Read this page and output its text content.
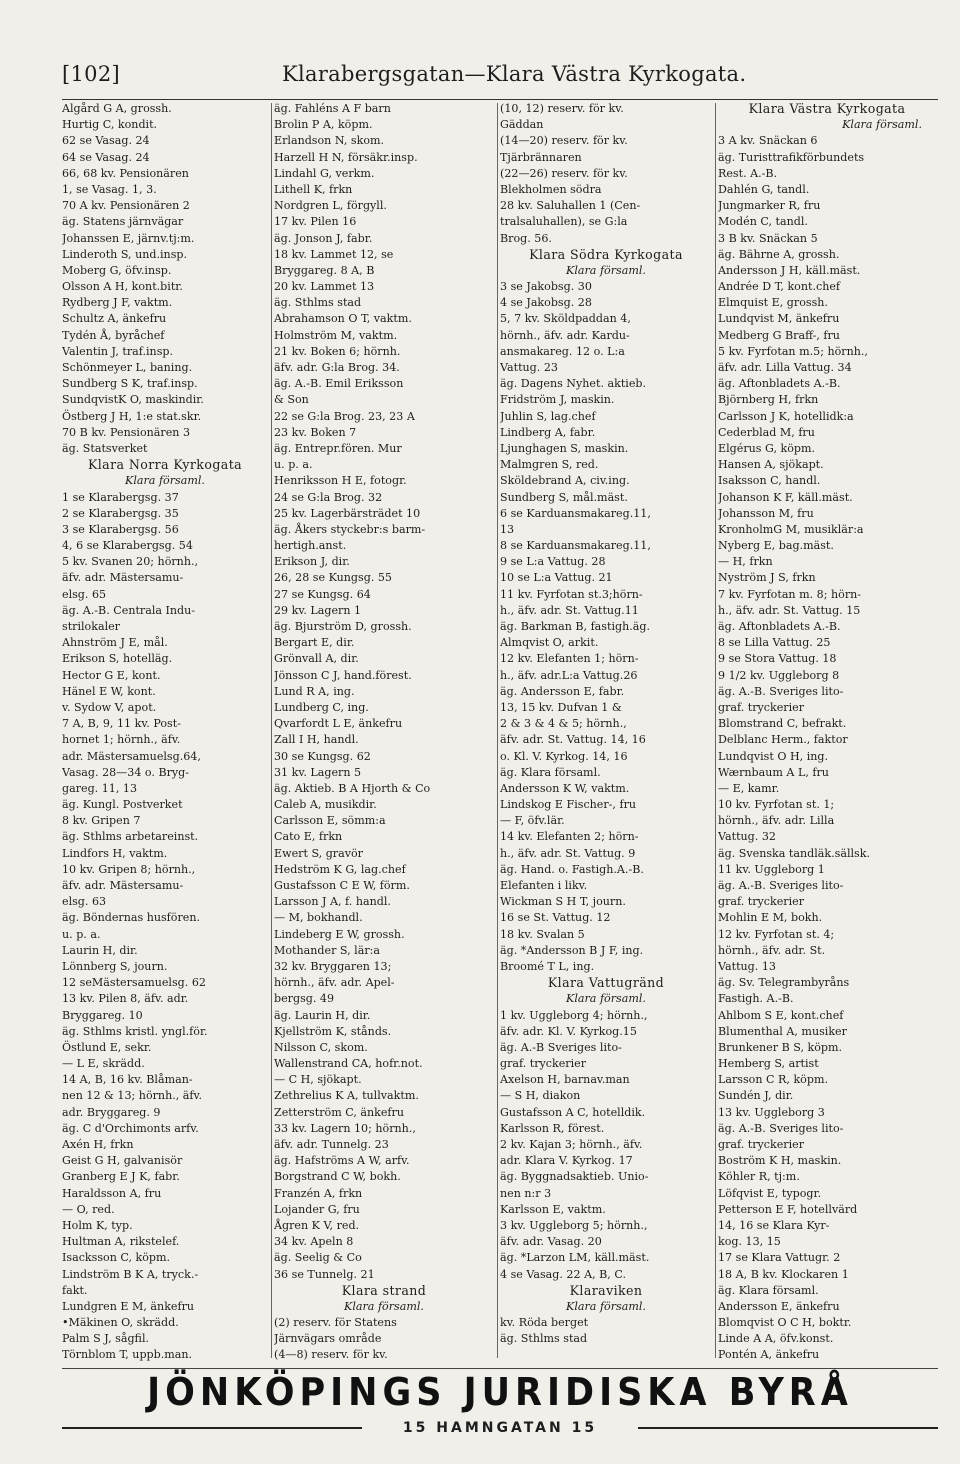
[102]	Klarabergsgatan—Klara Västra Kyrkogata.
Algård G A, grossh.
Hurtig C, kondit.
62 se Vasag. 24
64 se Vasag. 24
66, 68 kv. Pensionären
1, se Vasag. 1, 3.
70 A kv. Pensionären 2
äg. Statens järnvägar
Johanssen E, järnv.tj:m.
Linderoth S, und.insp.
Moberg G, öfv.insp.
Olsson A H, kont.bitr.
Rydberg J F, vaktm.
Schultz A, änkefru
Tydén Å, byråchef
Valentin J, traf.insp.
Schönmeyer L, baning.
Sundberg S K, traf.insp.
SundqvistK O, maskindir.
Östberg J H, 1:e stat.skr.
70 B kv. Pensionären 3
äg. Statsverket
Klara Norra Kyrkogata
Klara församl.
1 se Klarabergsg. 37
2 se Klarabergsg. 35
3 se Klarabergsg. 56
4, 6 se Klarabergsg. 54
5 kv. Svanen 20; hörnh.,
äfv. adr. Mästersamu-
elsg. 65
äg. A.-B. Centrala Indu-
strilokaler
Ahnström J E, mål.
Erikson S, hotelläg.
Hector G E, kont.
Hänel E W, kont.
v. Sydow V, apot.
7 A, B, 9, 11 kv. Post-
hornet 1; hörnh., äfv.
adr. Mästersamuelsg.64,
Vasag. 28—34 o. Bryg-
gareg. 11, 13
äg. Kungl. Postverket
8 kv. Gripen 7
äg. Sthlms arbetareinst.
Lindfors H, vaktm.
10 kv. Gripen 8; hörnh.,
äfv. adr. Mästersamu-
elsg. 63
äg. Böndernas husfören.
u. p. a.
Laurin H, dir.
Lönnberg S, journ.
12 seMästersamuelsg. 62
13 kv. Pilen 8, äfv. adr.
Bryggareg. 10
äg. Sthlms kristl. yngl.för.
Östlund E, sekr.
— L E, skrädd.
14 A, B, 16 kv. Blåman-
nen 12 & 13; hörnh., äfv.
adr. Bryggareg. 9
äg. C d'Orchimonts arfv.
Axén H, frkn
Geist G H, galvanisör
Granberg E J K, fabr.
Haraldsson A, fru
— O, red.
Holm K, typ.
Hultman A, rikstelef.
Isacksson C, köpm.
Lindström B K A, tryck.-
fakt.
Lundgren E M, änkefru
•Mäkinen O, skrädd.
Palm S J, sågfil.
Törnblom T, uppb.man.
äg. Fahléns A F barn
Brolin P A, köpm.
Erlandson N, skom.
Harzell H N, försäkr.insp.
Lindahl G, verkm.
Lithell K, frkn
Nordgren L, förgyll.
17 kv. Pilen 16
äg. Jonson J, fabr.
18 kv. Lammet 12, se
Bryggareg. 8 A, B
20 kv. Lammet 13
äg. Sthlms stad
Abrahamson O T, vaktm.
Holmström M, vaktm.
21 kv. Boken 6; hörnh.
äfv. adr. G:la Brog. 34.
äg. A.-B. Emil Eriksson
& Son
22 se G:la Brog. 23, 23 A
23 kv. Boken 7
äg. Entrepr.fören. Mur
u. p. a.
Henriksson H E, fotogr.
24 se G:la Brog. 32
25 kv. Lagerbärsträdet 10
äg. Åkers styckebr:s barm-
hertigh.anst.
Erikson J, dir.
26, 28 se Kungsg. 55
27 se Kungsg. 64
29 kv. Lagern 1
äg. Bjurström D, grossh.
Bergart E, dir.
Grönvall A, dir.
Jönsson C J, hand.förest.
Lund R A, ing.
Lundberg C, ing.
Qvarfordt L E, änkefru
Zall I H, handl.
30 se Kungsg. 62
31 kv. Lagern 5
äg. Aktieb. B A Hjorth & Co
Caleb A, musikdir.
Carlsson E, sömm:a
Cato E, frkn
Ewert S, gravör
Hedström K G, lag.chef
Gustafsson C E W, förm.
Larsson J A, f. handl.
— M, bokhandl.
Lindeberg E W, grossh.
Mothander S, lär:a
32 kv. Bryggaren 13;
hörnh., äfv. adr. Apel-
bergsg. 49
äg. Laurin H, dir.
Kjellström K, stånds.
Nilsson C, skom.
Wallenstrand CA, hofr.not.
— C H, sjökapt.
Zethrelius K A, tullvaktm.
Zetterström C, änkefru
33 kv. Lagern 10; hörnh.,
äfv. adr. Tunnelg. 23
äg. Hafströms A W, arfv.
Borgstrand C W, bokh.
Franzén A, frkn
Lojander G, fru
Ågren K V, red.
34 kv. Apeln 8
äg. Seelig & Co
36 se Tunnelg. 21
Klara strand
Klara församl.
(2) reserv. för Statens
Järnvägars område
(4—8) reserv. för kv.
(10, 12) reserv. för kv.
Gäddan
(14—20) reserv. för kv.
Tjärbrännaren
(22—26) reserv. för kv.
Blekholmen södra
28 kv. Saluhallen 1 (Cen-
tralsaluhallen), se G:la
Brog. 56.
Klara Södra Kyrkogata
Klara församl.
3 se Jakobsg. 30
4 se Jakobsg. 28
5, 7 kv. Sköldpaddan 4,
hörnh., äfv. adr. Kardu-
ansmakareg. 12 o. L:a
Vattug. 23
äg. Dagens Nyhet. aktieb.
Fridström J, maskin.
Juhlin S, lag.chef
Lindberg A, fabr.
Ljunghagen S, maskin.
Malmgren S, red.
Sköldebrand A, civ.ing.
Sundberg S, mål.mäst.
6 se Karduansmakareg.11,
13
8 se Karduansmakareg.11,
9 se L:a Vattug. 28
10 se L:a Vattug. 21
11 kv. Fyrfotan st.3;hörn-
h., äfv. adr. St. Vattug.11
äg. Barkman B, fastigh.äg.
Almqvist O, arkit.
12 kv. Elefanten 1; hörn-
h., äfv. adr.L:a Vattug.26
äg. Andersson E, fabr.
13, 15 kv. Dufvan 1 &
2 & 3 & 4 & 5; hörnh.,
äfv. adr. St. Vattug. 14, 16
o. Kl. V. Kyrkog. 14, 16
äg. Klara församl.
Andersson K W, vaktm.
Lindskog E Fischer-, fru
— F, öfv.lär.
14 kv. Elefanten 2; hörn-
h., äfv. adr. St. Vattug. 9
äg. Hand. o. Fastigh.A.-B.
Elefanten i likv.
Wickman S H T, journ.
16 se St. Vattug. 12
18 kv. Svalan 5
äg. *Andersson B J F, ing.
Broomé T L, ing.
Klara Vattugränd
Klara församl.
1 kv. Uggleborg 4; hörnh.,
äfv. adr. Kl. V. Kyrkog.15
äg. A.-B Sveriges lito-
graf. tryckerier
Axelson H, barnav.man
— S H, diakon
Gustafsson A C, hotelldik.
Karlsson R, förest.
2 kv. Kajan 3; hörnh., äfv.
adr. Klara V. Kyrkog. 17
äg. Byggnadsaktieb. Unio-
nen n:r 3
Karlsson E, vaktm.
3 kv. Uggleborg 5; hörnh.,
äfv. adr. Vasag. 20
äg. *Larzon LM, käll.mäst.
4 se Vasag. 22 A, B, C.
Klaraviken
Klara församl.
kv. Röda berget
äg. Sthlms stad
Klara Västra Kyrkogata
Klara församl.
3 A kv. Snäckan 6
äg. Turisttrafikförbundets
Rest. A.-B.
Dahlén G, tandl.
Jungmarker R, fru
Modén C, tandl.
3 B kv. Snäckan 5
äg. Bährne A, grossh.
Andersson J H, käll.mäst.
Andrée D T, kont.chef
Elmquist E, grossh.
Lundqvist M, änkefru
Medberg G Braff-, fru
5 kv. Fyrfotan m.5; hörnh.,
äfv. adr. Lilla Vattug. 34
äg. Aftonbladets A.-B.
Björnberg H, frkn
Carlsson J K, hotellidk:a
Cederblad M, fru
Elgérus G, köpm.
Hansen A, sjökapt.
Isaksson C, handl.
Johanson K F, käll.mäst.
Johansson M, fru
KronholmG M, musiklär:a
Nyberg E, bag.mäst.
— H, frkn
Nyström J S, frkn
7 kv. Fyrfotan m. 8; hörn-
h., äfv. adr. St. Vattug. 15
äg. Aftonbladets A.-B.
8 se Lilla Vattug. 25
9 se Stora Vattug. 18
9 1/2 kv. Uggleborg 8
äg. A.-B. Sveriges lito-
graf. tryckerier
Blomstrand C, befrakt.
Delblanc Herm., faktor
Lundqvist O H, ing.
Wærnbaum A L, fru
— E, kamr.
10 kv. Fyrfotan st. 1;
hörnh., äfv. adr. Lilla
Vattug. 32
äg. Svenska tandläk.sällsk.
11 kv. Uggleborg 1
äg. A.-B. Sveriges lito-
graf. tryckerier
Mohlin E M, bokh.
12 kv. Fyrfotan st. 4;
hörnh., äfv. adr. St.
Vattug. 13
äg. Sv. Telegrambyråns
Fastigh. A.-B.
Ahlbom S E, kont.chef
Blumenthal A, musiker
Brunkener B S, köpm.
Hemberg S, artist
Larsson C R, köpm.
Sundén J, dir.
13 kv. Uggleborg 3
äg. A.-B. Sveriges lito-
graf. tryckerier
Boström K H, maskin.
Köhler R, tj:m.
Löfqvist E, typogr.
Petterson E F, hotellvärd
14, 16 se Klara Kyr-
kog. 13, 15
17 se Klara Vattugr. 2
18 A, B kv. Klockaren 1
äg. Klara församl.
Andersson E, änkefru
Blomqvist O C H, boktr.
Linde A A, öfv.konst.
Pontén A, änkefru
JÖNKÖPINGS JURIDISKA BYRÅ
15 HAMNGATAN 15
